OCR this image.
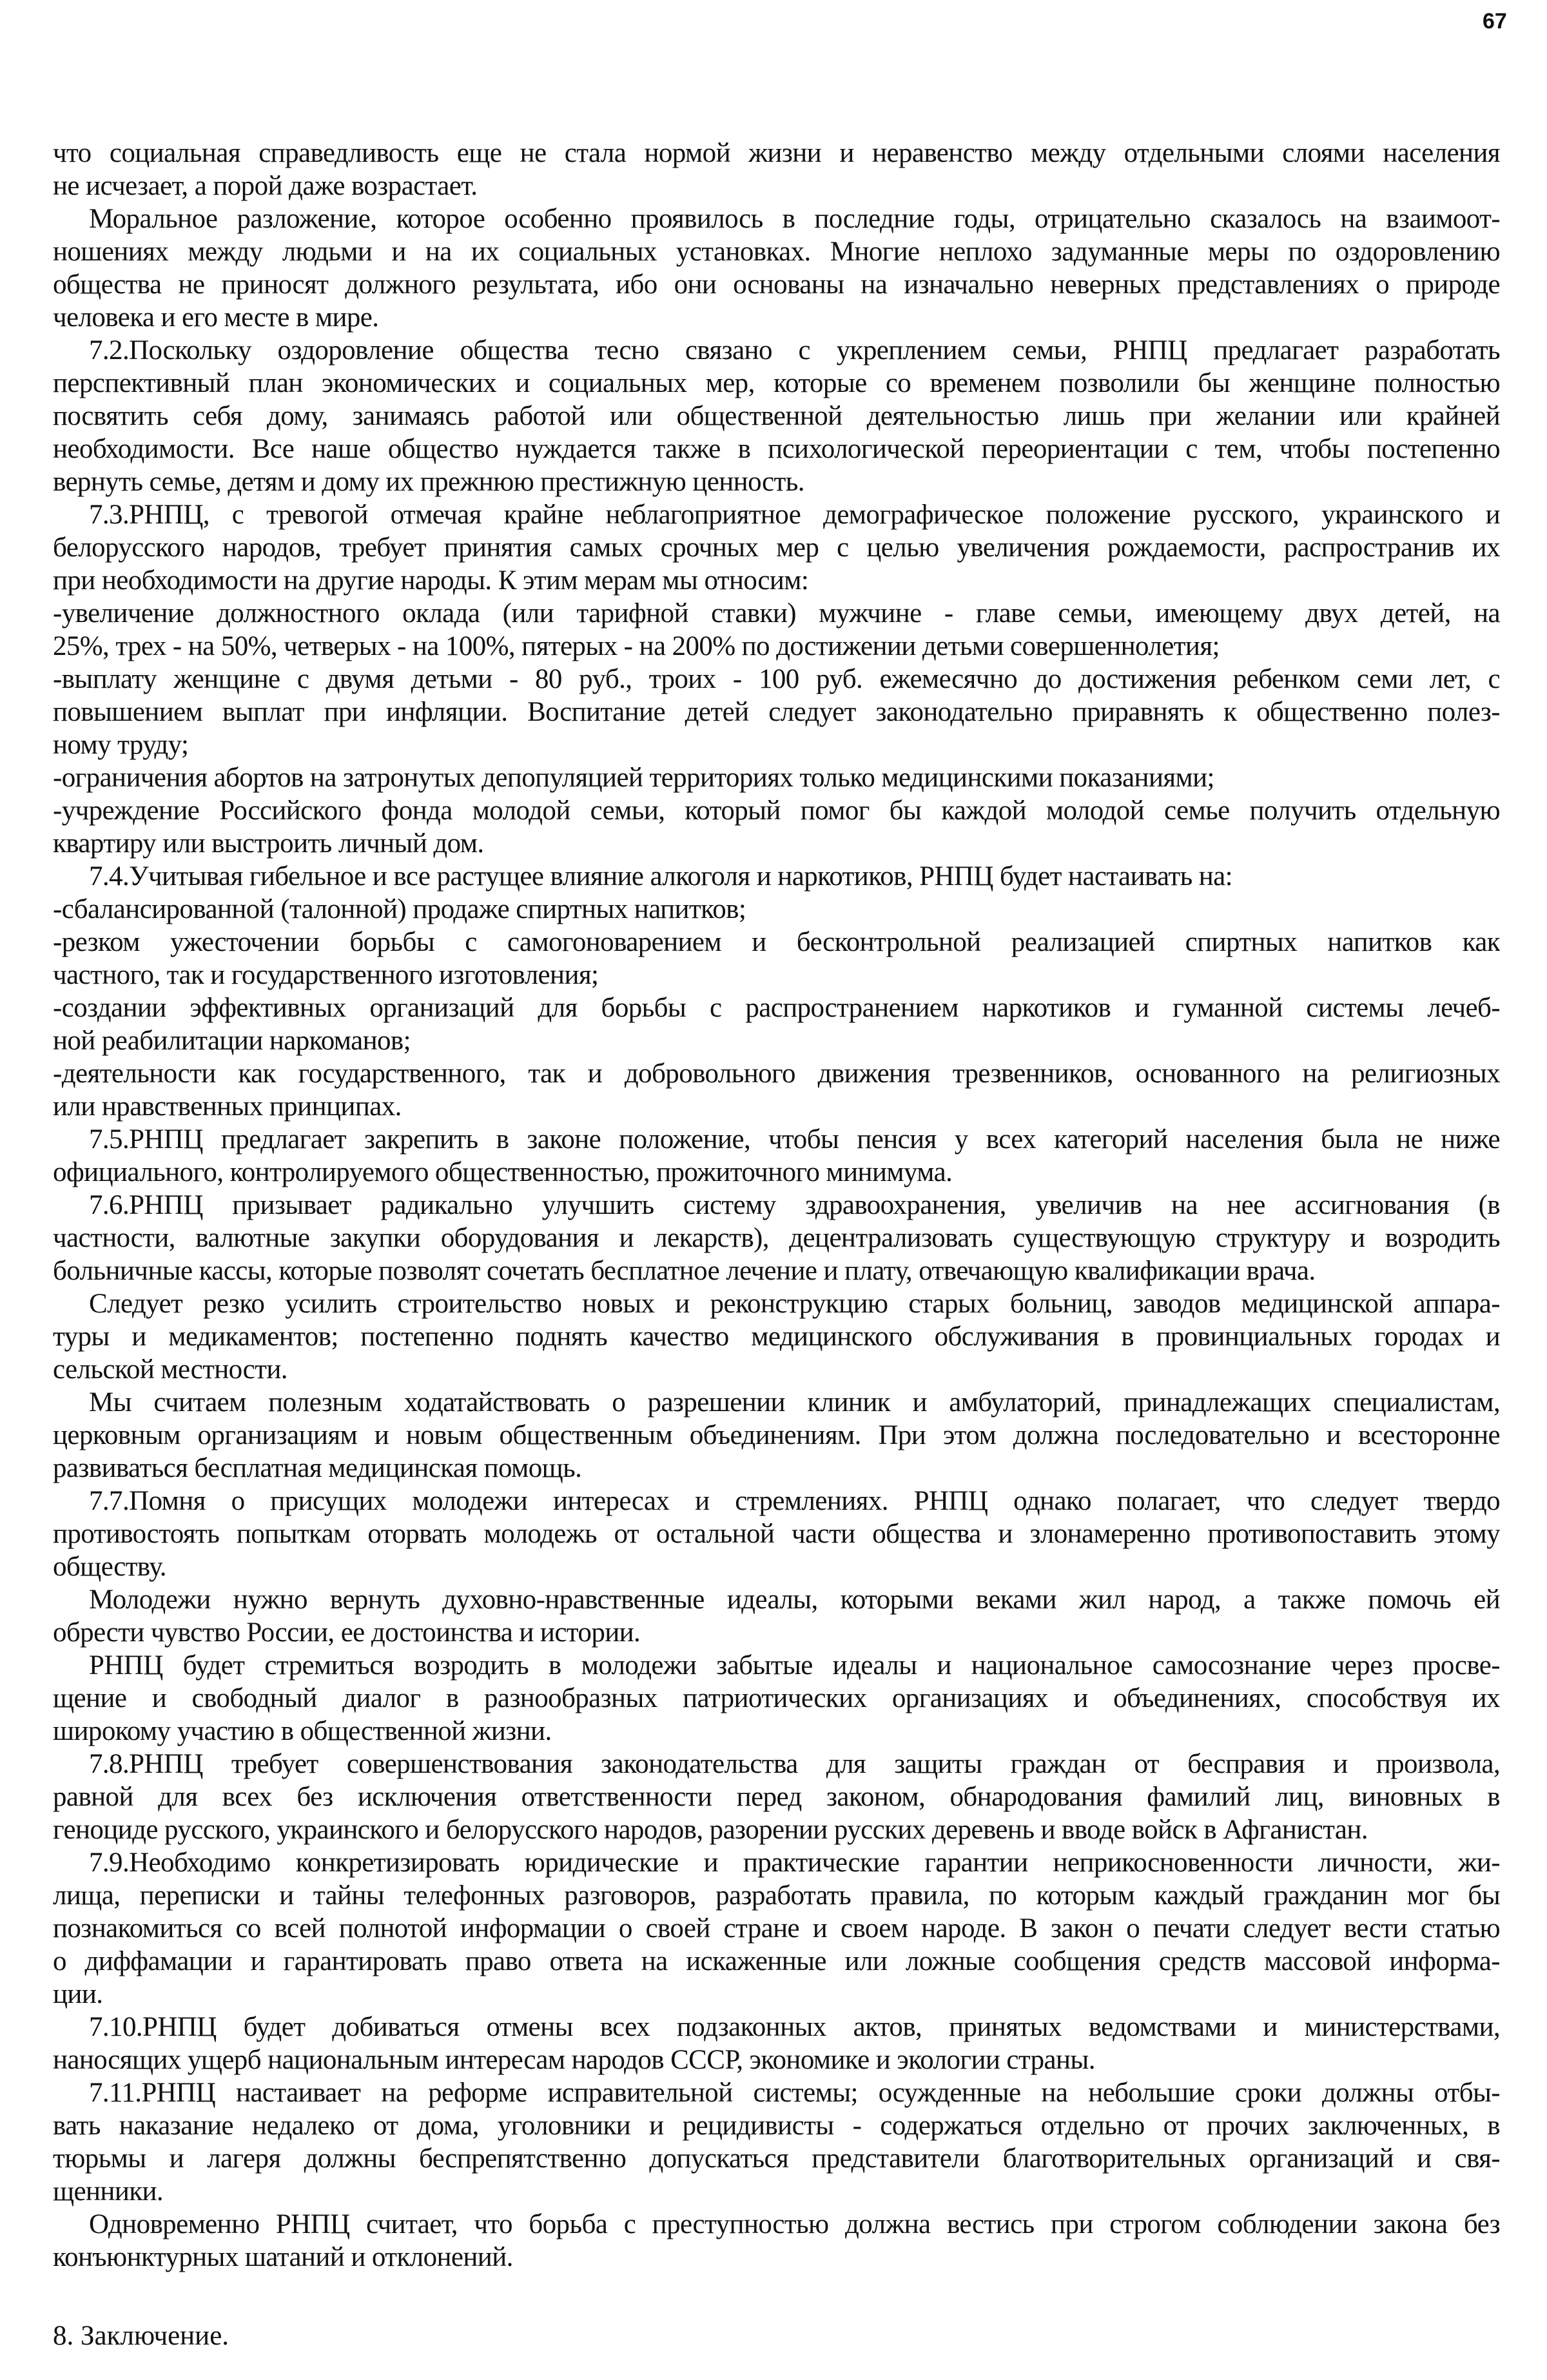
67
что социальная справедливость еще не стала нормой жизни и неравенство между отдельными слоями населения
не исчезает, а порой даже возрастает.
Моральное разложение, которое особенно проявилось в последние годы, отрицательно сказалось на взаимоот-
ношениях между людьми и на их социальных установках. Многие неплохо задуманные меры по оздоровлению
общества не приносят должного результата, ибо они основаны на изначально неверных представлениях о природе
человека и его месте в мире.
7.2.Поскольку оздоровление общества тесно связано с укреплением семьи, РНПЦ предлагает разработать
перспективный план экономических и социальных мер, которые со временем позволили бы женщине полностью
посвятить себя дому, занимаясь работой или общественной деятельностью лишь при желании или крайней
необходимости. Все наше общество нуждается также в психологической переориентации с тем, чтобы постепенно
вернуть семье, детям и дому их прежнюю престижную ценность.
7.3.РНПЦ, с тревогой отмечая крайне неблагоприятное демографическое положение русского, украинского и
белорусского народов, требует принятия самых срочных мер с целью увеличения рождаемости, распространив их
при необходимости на другие народы. К этим мерам мы относим:
-увеличение должностного оклада (или тарифной ставки) мужчине - главе семьи, имеющему двух детей, на
25%, трех - на 50%, четверых - на 100%, пятерых - на 200% по достижении детьми совершеннолетия;
-выплату женщине с двумя детьми - 80 руб., троих - 100 руб. ежемесячно до достижения ребенком семи лет, с
повышением выплат при инфляции. Воспитание детей следует законодательно приравнять к общественно полез-
ному труду;
-ограничения абортов на затронутых депопуляцией территориях только медицинскими показаниями;
-учреждение Российского фонда молодой семьи, который помог бы каждой молодой семье получить отдельную
квартиру или выстроить личный дом.
7.4.Учитывая гибельное и все растущее влияние алкоголя и наркотиков, РНПЦ будет настаивать на:
-сбалансированной (талонной) продаже спиртных напитков;
-резком ужесточении борьбы с самогоноварением и бесконтрольной реализацией спиртных напитков как
частного, так и государственного изготовления;
-создании эффективных организаций для борьбы с распространением наркотиков и гуманной системы лечеб-
ной реабилитации наркоманов;
-деятельности как государственного, так и добровольного движения трезвенников, основанного на религиозных
или нравственных принципах.
7.5.РНПЦ предлагает закрепить в законе положение, чтобы пенсия у всех категорий населения была не ниже
официального, контролируемого общественностью, прожиточного минимума.
7.6.РНПЦ призывает радикально улучшить систему здравоохранения, увеличив на нее ассигнования (в
частности, валютные закупки оборудования и лекарств), децентрализовать существующую структуру и возродить
больничные кассы, которые позволят сочетать бесплатное лечение и плату, отвечающую квалификации врача.
Следует резко усилить строительство новых и реконструкцию старых больниц, заводов медицинской аппара-
туры и медикаментов; постепенно поднять качество медицинского обслуживания в провинциальных городах и
сельской местности.
Мы считаем полезным ходатайствовать о разрешении клиник и амбулаторий, принадлежащих специалистам,
церковным организациям и новым общественным объединениям. При этом должна последовательно и всесторонне
развиваться бесплатная медицинская помощь.
7.7.Помня о присущих молодежи интересах и стремлениях. РНПЦ однако полагает, что следует твердо
противостоять попыткам оторвать молодежь от остальной части общества и злонамеренно противопоставить этому
обществу.
Молодежи нужно вернуть духовно-нравственные идеалы, которыми веками жил народ, а также помочь ей
обрести чувство России, ее достоинства и истории.
РНПЦ будет стремиться возродить в молодежи забытые идеалы и национальное самосознание через просве-
щение и свободный диалог в разнообразных патриотических организациях и объединениях, способствуя их
широкому участию в общественной жизни.
7.8.РНПЦ требует совершенствования законодательства для защиты граждан от бесправия и произвола,
равной для всех без исключения ответственности перед законом, обнародования фамилий лиц, виновных в
геноциде русского, украинского и белорусского народов, разорении русских деревень и вводе войск в Афганистан.
7.9.Необходимо конкретизировать юридические и практические гарантии неприкосновенности личности, жи-
лища, переписки и тайны телефонных разговоров, разработать правила, по которым каждый гражданин мог бы
познакомиться со всей полнотой информации о своей стране и своем народе. В закон о печати следует вести статью
о диффамации и гарантировать право ответа на искаженные или ложные сообщения средств массовой информа-
ции.
7.10.РНПЦ будет добиваться отмены всех подзаконных актов, принятых ведомствами и министерствами,
наносящих ущерб национальным интересам народов СССР, экономике и экологии страны.
7.11.РНПЦ настаивает на реформе исправительной системы; осужденные на небольшие сроки должны отбы-
вать наказание недалеко от дома, уголовники и рецидивисты - содержаться отдельно от прочих заключенных, в
тюрьмы и лагеря должны беспрепятственно допускаться представители благотворительных организаций и свя-
щенники.
Одновременно РНПЦ считает, что борьба с преступностью должна вестись при строгом соблюдении закона без
конъюнктурных шатаний и отклонений.
8. Заключение.
